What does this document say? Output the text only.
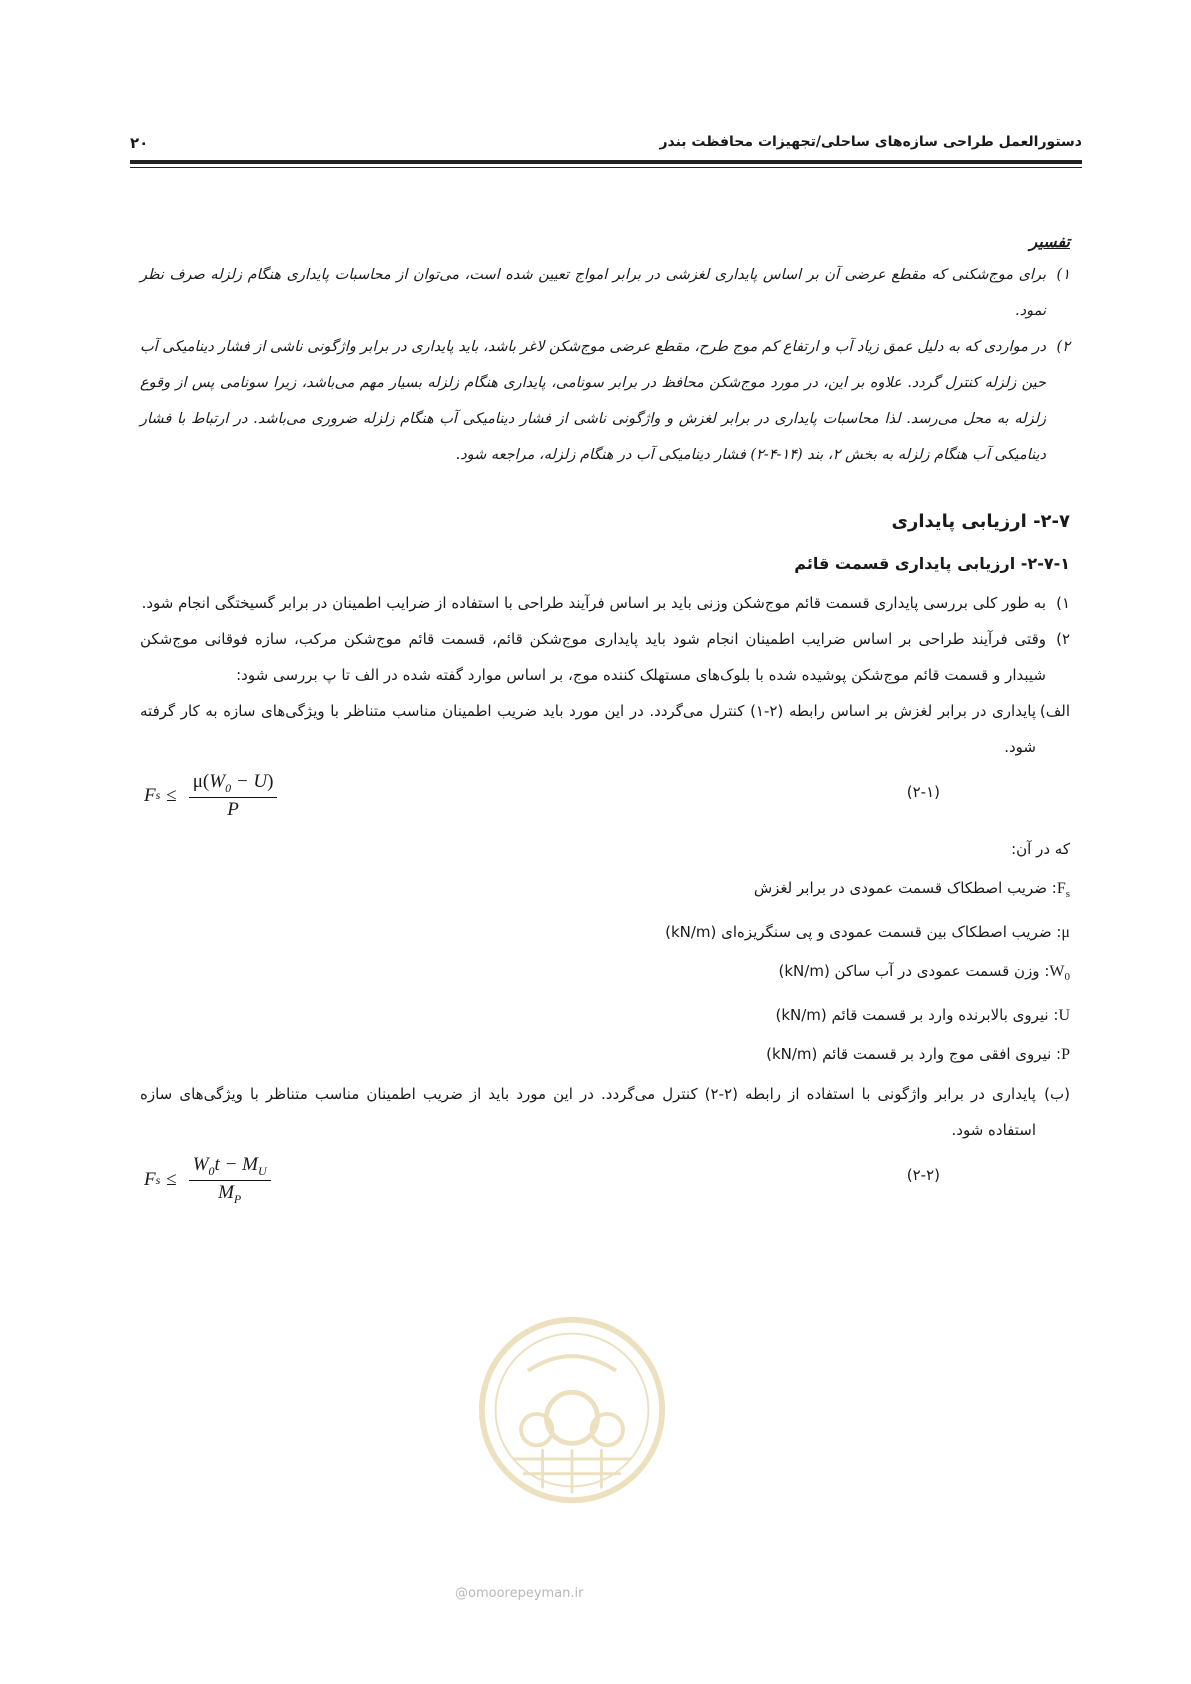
۲۰	دستورالعمل طراحی سازه‌های ساحلی/تجهیزات محافظت بندر
تفسیر

۱)
برای موج‌شکنی که مقطع عرضی آن بر اساس پایداری لغزشی در برابر امواج تعیین شده است، می‌توان از محاسبات پایداری هنگام زلزله صرف نظر نمود.

۲)
در مواردی که به دلیل عمق زیاد آب و ارتفاع کم موج طرح، مقطع عرضی موج‌شکن لاغر باشد، باید پایداری در برابر واژگونی ناشی از فشار دینامیکی آب حین زلزله کنترل گردد. علاوه بر این، در مورد موج‌شکن محافظ در برابر سونامی، پایداری هنگام زلزله بسیار مهم می‌باشد، زیرا سونامی پس از وقوع زلزله به محل می‌رسد. لذا محاسبات پایداری در برابر لغزش و واژگونی ناشی از فشار دینامیکی آب هنگام زلزله ضروری می‌باشد. در ارتباط با فشار دینامیکی آب هنگام زلزله به بخش ۲، بند (۱۴-۴-۲) فشار دینامیکی آب در هنگام زلزله، مراجعه شود.

۲-۷- ارزیابی پایداری
۲-۷-۱- ارزیابی پایداری قسمت قائم

۱)
به طور کلی بررسی پایداری قسمت قائم موج‌شکن وزنی باید بر اساس فرآیند طراحی با استفاده از ضرایب اطمینان در برابر گسیختگی انجام شود.

۲)
وقتی فرآیند طراحی بر اساس ضرایب اطمینان انجام شود باید پایداری موج‌شکن قائم، قسمت قائم موج‌شکن مرکب، سازه فوقانی موج‌شکن شیبدار و قسمت قائم موج‌شکن پوشیده شده با بلوک‌های مستهلک کننده موج، بر اساس موارد گفته شده در الف تا پ بررسی شود:

الف)
پایداری در برابر لغزش بر اساس رابطه (۲-۱) کنترل می‌گردد. در این مورد باید ضریب اطمینان مناسب متناظر با ویژگی‌های سازه به کار گرفته شود.

F $s \le \frac{\mu(W_0 - U)}{P}$	(۲-۱)

که در آن:

$F_s$: ضریب اصطکاک قسمت عمودی در برابر لغزش

μ: ضریب اصطکاک بین قسمت عمودی و پی سنگریزه‌ای (kN/m)

$W_0$: وزن قسمت عمودی در آب ساکن (kN/m)

U: نیروی بالابرنده وارد بر قسمت قائم (kN/m)

P: نیروی افقی موج وارد بر قسمت قائم (kN/m)

(ب)
پایداری در برابر واژگونی با استفاده از رابطه (۲-۲) کنترل می‌گردد. در این مورد باید از ضریب اطمینان مناسب متناظر با ویژگی‌های سازه استفاده شود.

F $s \le \frac{W_0t - M_U}{M_P}$	(۲-۲)
@omoorepeyman.ir
